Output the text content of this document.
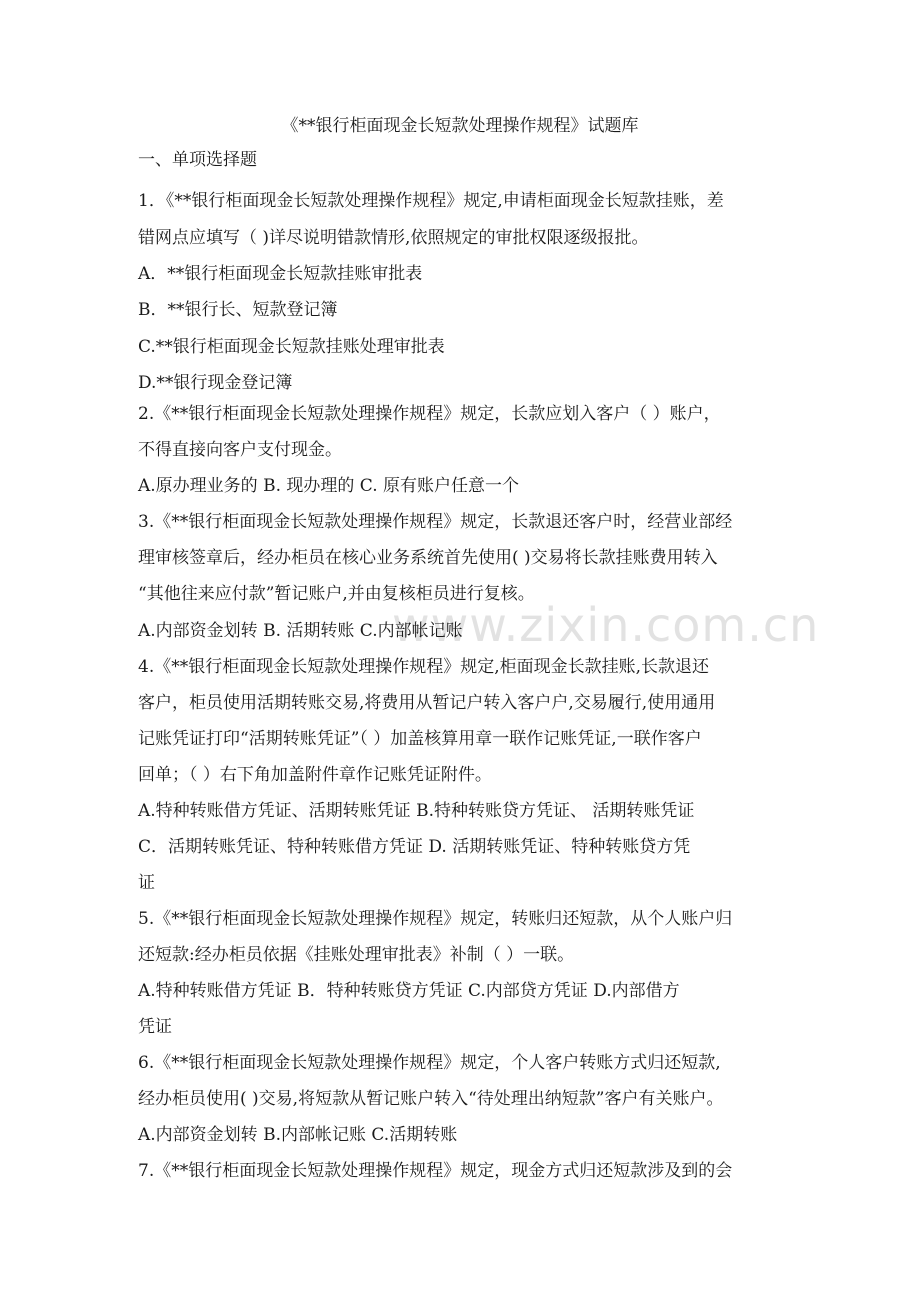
www.zixin.com.cn
《**银行柜面现金长短款处理操作规程》试题库
一、单项选择题
1．《**银行柜面现金长短款处理操作规程》规定,申请柜面现金长短款挂账，差
错网点应填写（ )详尽说明错款情形,依照规定的审批权限逐级报批。
A．**银行柜面现金长短款挂账审批表
B．**银行长、短款登记簿
C.**银行柜面现金长短款挂账处理审批表
D.**银行现金登记簿
2.《**银行柜面现金长短款处理操作规程》规定，长款应划入客户（ ）账户，
不得直接向客户支付现金。
A.原办理业务的 B. 现办理的 C. 原有账户任意一个
3.《**银行柜面现金长短款处理操作规程》规定，长款退还客户时，经营业部经
理审核签章后，经办柜员在核心业务系统首先使用( )交易将长款挂账费用转入
“其他往来应付款”暂记账户,并由复核柜员进行复核。
A.内部资金划转 B. 活期转账 C.内部帐记账
4.《**银行柜面现金长短款处理操作规程》规定,柜面现金长款挂账,长款退还
客户，柜员使用活期转账交易,将费用从暂记户转入客户户,交易履行,使用通用
记账凭证打印“活期转账凭证”（ ）加盖核算用章一联作记账凭证,一联作客户
回单；（ ）右下角加盖附件章作记账凭证附件。
A.特种转账借方凭证、活期转账凭证 B.特种转账贷方凭证、 活期转账凭证
C．活期转账凭证、特种转账借方凭证 D. 活期转账凭证、特种转账贷方凭
证
5.《**银行柜面现金长短款处理操作规程》规定，转账归还短款，从个人账户归
还短款:经办柜员依据《挂账处理审批表》补制（ ）一联。
A.特种转账借方凭证 B．特种转账贷方凭证 C.内部贷方凭证 D.内部借方
凭证
6.《**银行柜面现金长短款处理操作规程》规定，个人客户转账方式归还短款,
经办柜员使用( )交易,将短款从暂记账户转入“待处理出纳短款”客户有关账户。
A.内部资金划转 B.内部帐记账 C.活期转账
7.《**银行柜面现金长短款处理操作规程》规定，现金方式归还短款涉及到的会
